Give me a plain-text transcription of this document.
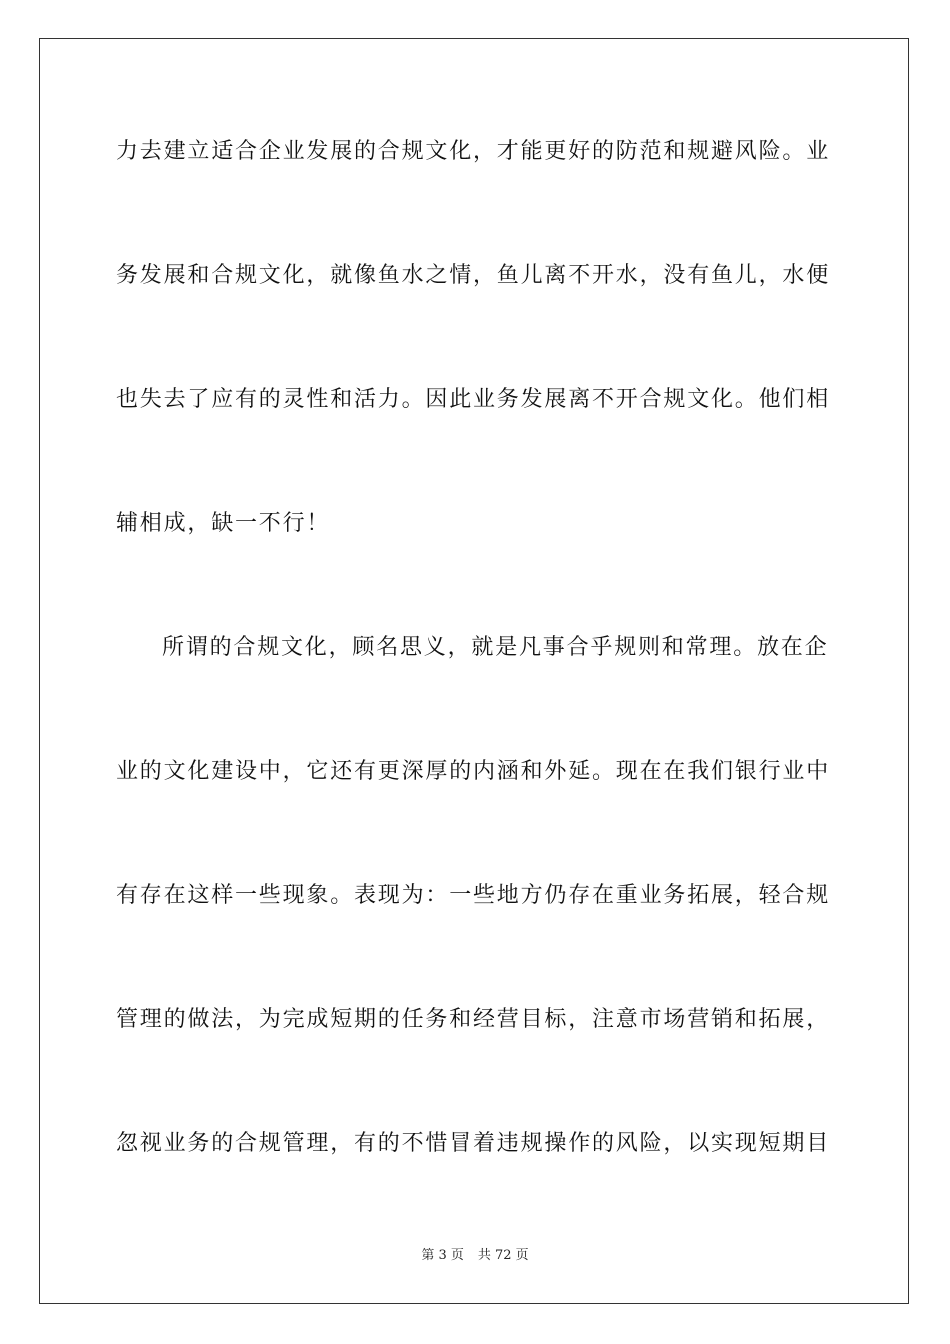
力去建立适合企业发展的合规文化，才能更好的防范和规避风险。业
务发展和合规文化，就像鱼水之情，鱼儿离不开水，没有鱼儿，水便
也失去了应有的灵性和活力。因此业务发展离不开合规文化。他们相
辅相成，缺一不行！
所谓的合规文化，顾名思义，就是凡事合乎规则和常理。放在企
业的文化建设中，它还有更深厚的内涵和外延。现在在我们银行业中
有存在这样一些现象。表现为：一些地方仍存在重业务拓展，轻合规
管理的做法，为完成短期的任务和经营目标，注意市场营销和拓展，
忽视业务的合规管理，有的不惜冒着违规操作的风险，以实现短期目
第 3 页 共 72 页
